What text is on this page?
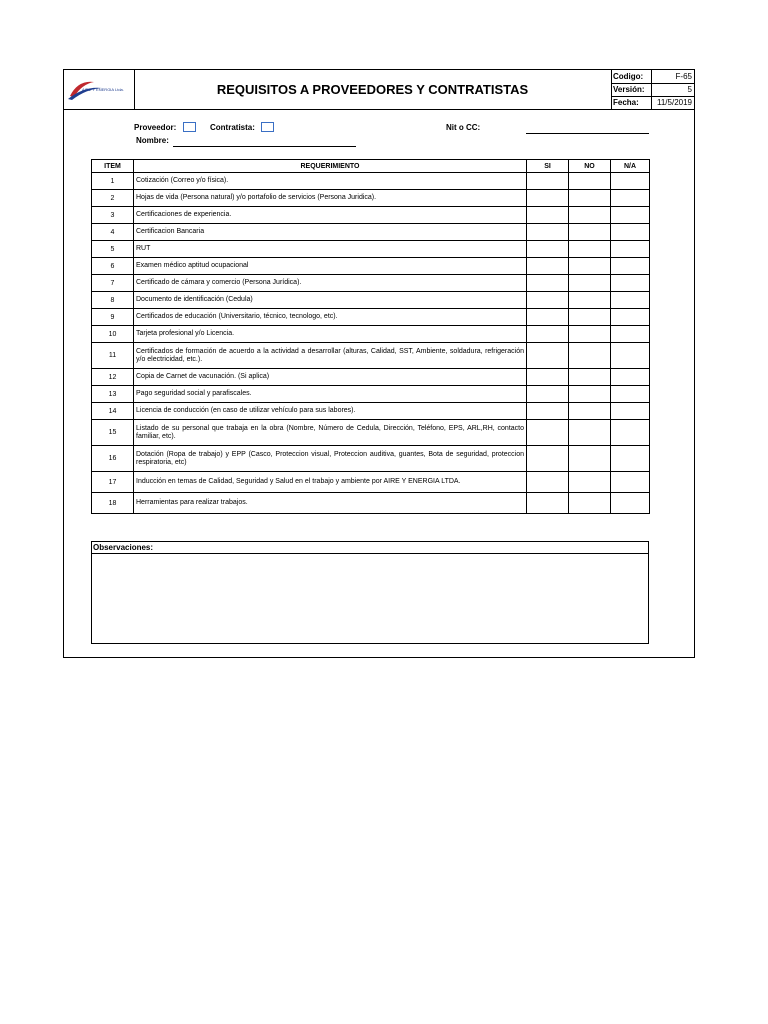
AIRE Y ENERGIA Ltda.	REQUISITOS A PROVEEDORES Y CONTRATISTAS
Codigo:	F-65
Versión:	5
Fecha: 11/5/2019
Proveedor:	Contratista:	Nit o CC:
Nombre:
ITEM	REQUERIMIENTO	SI	NO	N/A
1	Cotización (Correo y/o física).			
2	Hojas de vida (Persona natural) y/o portafolio de servicios (Persona Juridica).			
3	Certificaciones de experiencia.			
4	Certificacion Bancaria			
5	RUT			
6	Examen médico aptitud ocupacional			
7	Certificado de cámara y comercio (Persona Jurídica).			
8	Documento de identificación (Cedula)			
9	Certificados de educación (Universitario, técnico, tecnologo, etc).			
10	Tarjeta profesional y/o Licencia.			
11	Certificados de formación de acuerdo a la actividad a desarrollar (alturas, Calidad, SST, Ambiente, soldadura, refrigeración y/o electricidad, etc.).			
12	Copia de Carnet de vacunación. (Si aplica)			
13	Pago seguridad social y parafiscales.			
14	Licencia de conducción (en caso de utilizar vehículo para sus labores).			
15	Listado de su personal que trabaja en la obra (Nombre, Número de Cedula, Dirección, Teléfono, EPS, ARL,RH, contacto familiar, etc).			
16	Dotación (Ropa de trabajo) y EPP (Casco, Proteccion visual, Proteccion auditiva, guantes, Bota de seguridad, proteccion respiratoria, etc)			
17	Inducción en temas de Calidad, Seguridad y Salud en el trabajo y ambiente por AIRE Y ENERGIA LTDA.			
18	Herramientas para realizar trabajos.			
Observaciones:
